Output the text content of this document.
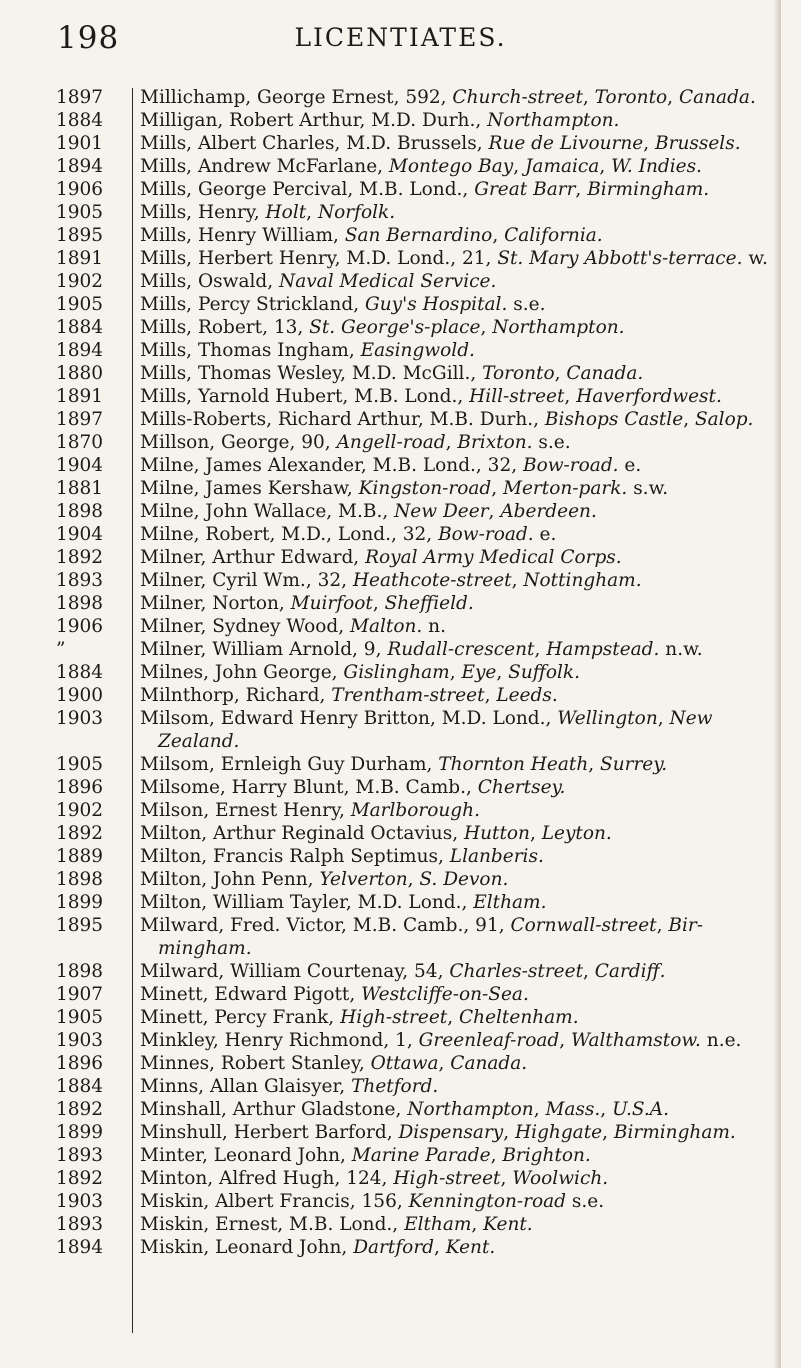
198	LICENTIATES.
1897	Millichamp, George Ernest, 592, Church-street, Toronto, Canada.
1884	Milligan, Robert Arthur, M.D. Durh., Northampton.
1901	Mills, Albert Charles, M.D. Brussels, Rue de Livourne, Brussels.
1894	Mills, Andrew McFarlane, Montego Bay, Jamaica, W. Indies.
1906	Mills, George Percival, M.B. Lond., Great Barr, Birmingham.
1905	Mills, Henry, Holt, Norfolk.
1895	Mills, Henry William, San Bernardino, California.
1891	Mills, Herbert Henry, M.D. Lond., 21, St. Mary Abbott's-terrace. w.
1902	Mills, Oswald, Naval Medical Service.
1905	Mills, Percy Strickland, Guy's Hospital. s.e.
1884	Mills, Robert, 13, St. George's-place, Northampton.
1894	Mills, Thomas Ingham, Easingwold.
1880	Mills, Thomas Wesley, M.D. McGill., Toronto, Canada.
1891	Mills, Yarnold Hubert, M.B. Lond., Hill-street, Haverfordwest.
1897	Mills-Roberts, Richard Arthur, M.B. Durh., Bishops Castle, Salop.
1870	Millson, George, 90, Angell-road, Brixton. s.e.
1904	Milne, James Alexander, M.B. Lond., 32, Bow-road. e.
1881	Milne, James Kershaw, Kingston-road, Merton-park. s.w.
1898	Milne, John Wallace, M.B., New Deer, Aberdeen.
1904	Milne, Robert, M.D., Lond., 32, Bow-road. e.
1892	Milner, Arthur Edward, Royal Army Medical Corps.
1893	Milner, Cyril Wm., 32, Heathcote-street, Nottingham.
1898	Milner, Norton, Muirfoot, Sheffield.
1906	Milner, Sydney Wood, Malton. n.
”	Milner, William Arnold, 9, Rudall-crescent, Hampstead. n.w.
1884	Milnes, John George, Gislingham, Eye, Suffolk.
1900	Milnthorp, Richard, Trentham-street, Leeds.
1903	Milsom, Edward Henry Britton, M.D. Lond., Wellington, New
Zealand.
1905	Milsom, Ernleigh Guy Durham, Thornton Heath, Surrey.
1896	Milsome, Harry Blunt, M.B. Camb., Chertsey.
1902	Milson, Ernest Henry, Marlborough.
1892	Milton, Arthur Reginald Octavius, Hutton, Leyton.
1889	Milton, Francis Ralph Septimus, Llanberis.
1898	Milton, John Penn, Yelverton, S. Devon.
1899	Milton, William Tayler, M.D. Lond., Eltham.
1895	Milward, Fred. Victor, M.B. Camb., 91, Cornwall-street, Bir-
mingham.
1898	Milward, William Courtenay, 54, Charles-street, Cardiff.
1907	Minett, Edward Pigott, Westcliffe-on-Sea.
1905	Minett, Percy Frank, High-street, Cheltenham.
1903	Minkley, Henry Richmond, 1, Greenleaf-road, Walthamstow. n.e.
1896	Minnes, Robert Stanley, Ottawa, Canada.
1884	Minns, Allan Glaisyer, Thetford.
1892	Minshall, Arthur Gladstone, Northampton, Mass., U.S.A.
1899	Minshull, Herbert Barford, Dispensary, Highgate, Birmingham.
1893	Minter, Leonard John, Marine Parade, Brighton.
1892	Minton, Alfred Hugh, 124, High-street, Woolwich.
1903	Miskin, Albert Francis, 156, Kennington-road s.e.
1893	Miskin, Ernest, M.B. Lond., Eltham, Kent.
1894	Miskin, Leonard John, Dartford, Kent.
